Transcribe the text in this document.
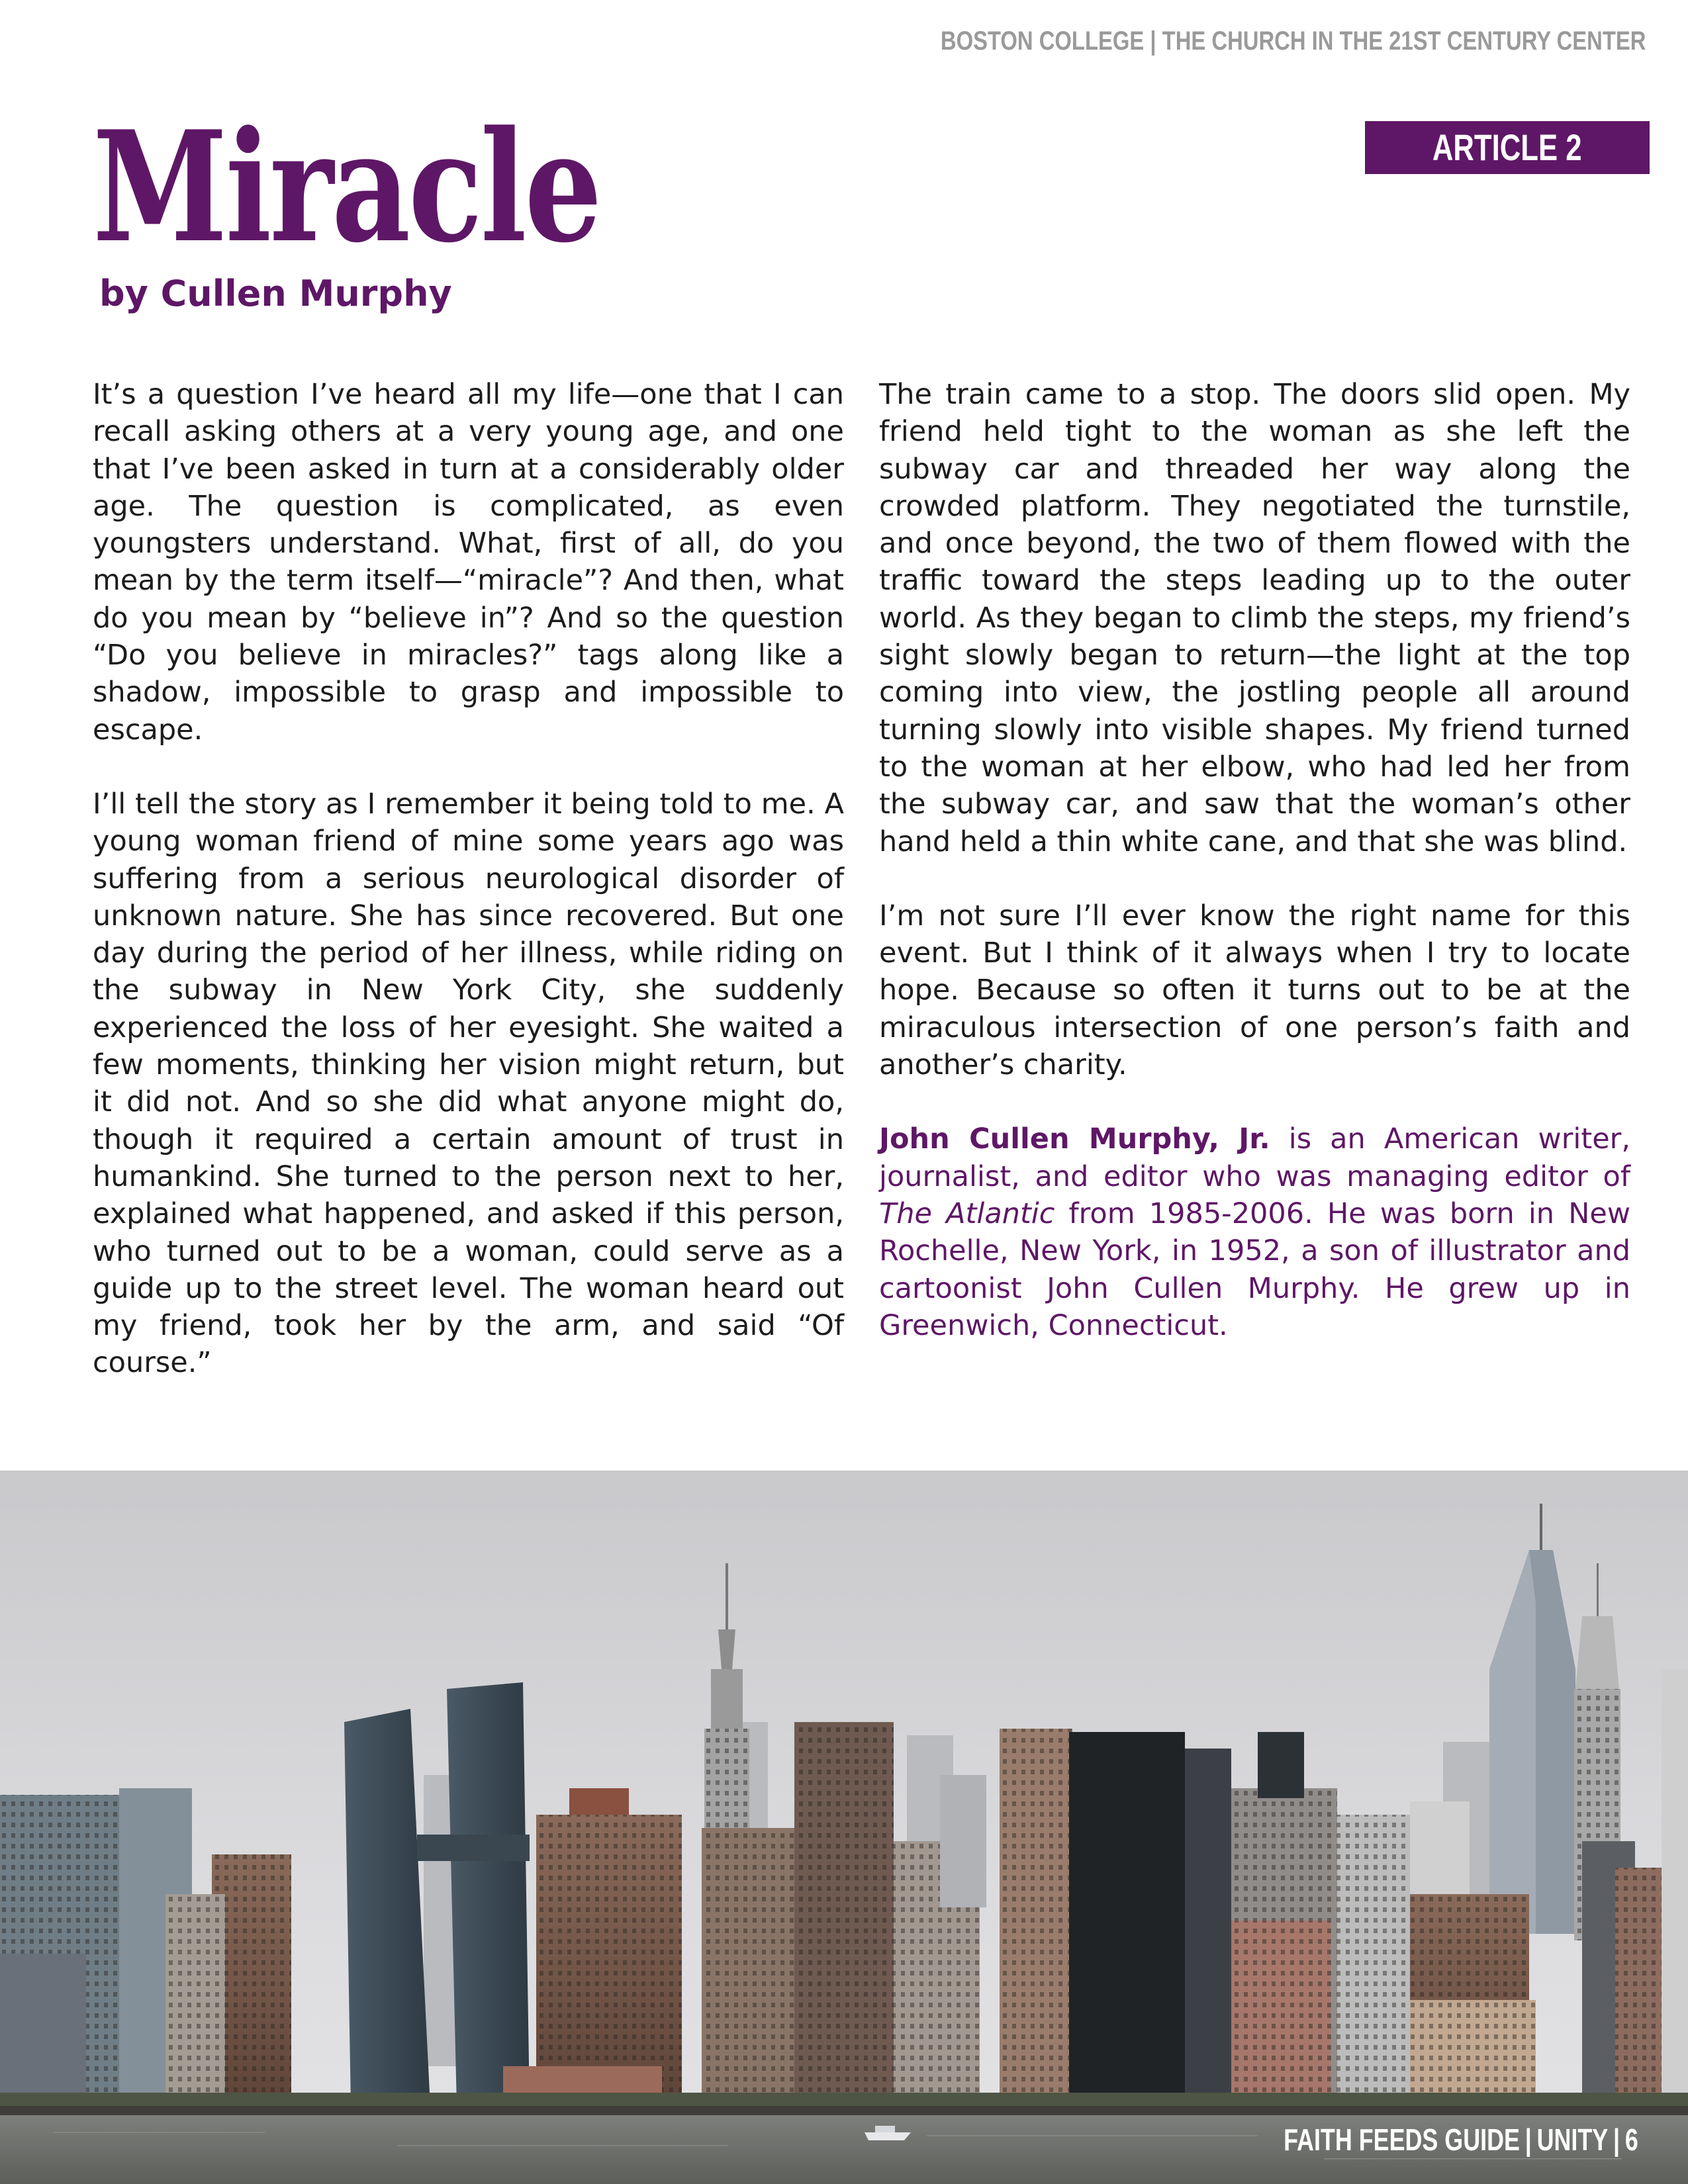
BOSTON COLLEGE | THE CHURCH IN THE 21ST CENTURY CENTER
ARTICLE 2
Miracle
by Cullen Murphy

It’s a question I’ve heard all my life—one that I can recall asking others at a very young age, and one that I’ve been asked in turn at a considerably older age. The question is complicated, as even youngsters understand. What, first of all, do you mean by the term itself—“miracle”? And then, what do you mean by “believe in”? And so the question “Do you believe in miracles?” tags along like a shadow, impossible to grasp and impossible to escape.

I’ll tell the story as I remember it being told to me. A young woman friend of mine some years ago was suffering from a serious neurological disorder of unknown nature. She has since recovered. But one day during the period of her illness, while riding on the subway in New York City, she suddenly experienced the loss of her eyesight. She waited a few moments, thinking her vision might return, but it did not. And so she did what anyone might do, though it required a certain amount of trust in humankind. She turned to the person next to her, explained what happened, and asked if this person, who turned out to be a woman, could serve as a guide up to the street level. The woman heard out my friend, took her by the arm, and said “Of course.”

The train came to a stop. The doors slid open. My friend held tight to the woman as she left the subway car and threaded her way along the crowded platform. They negotiated the turnstile, and once beyond, the two of them flowed with the traffic toward the steps leading up to the outer world. As they began to climb the steps, my friend’s sight slowly began to return—the light at the top coming into view, the jostling people all around turning slowly into visible shapes. My friend turned to the woman at her elbow, who had led her from the subway car, and saw that the woman’s other hand held a thin white cane, and that she was blind.

I’m not sure I’ll ever know the right name for this event. But I think of it always when I try to locate hope. Because so often it turns out to be at the miraculous intersection of one person’s faith and another’s charity.

John Cullen Murphy, Jr. is an American writer, journalist, and editor who was managing editor of The Atlantic from 1985-2006. He was born in New Rochelle, New York, in 1952, a son of illustrator and cartoonist John Cullen Murphy. He grew up in Greenwich, Connecticut.

FAITH FEEDS GUIDE | UNITY | 6
